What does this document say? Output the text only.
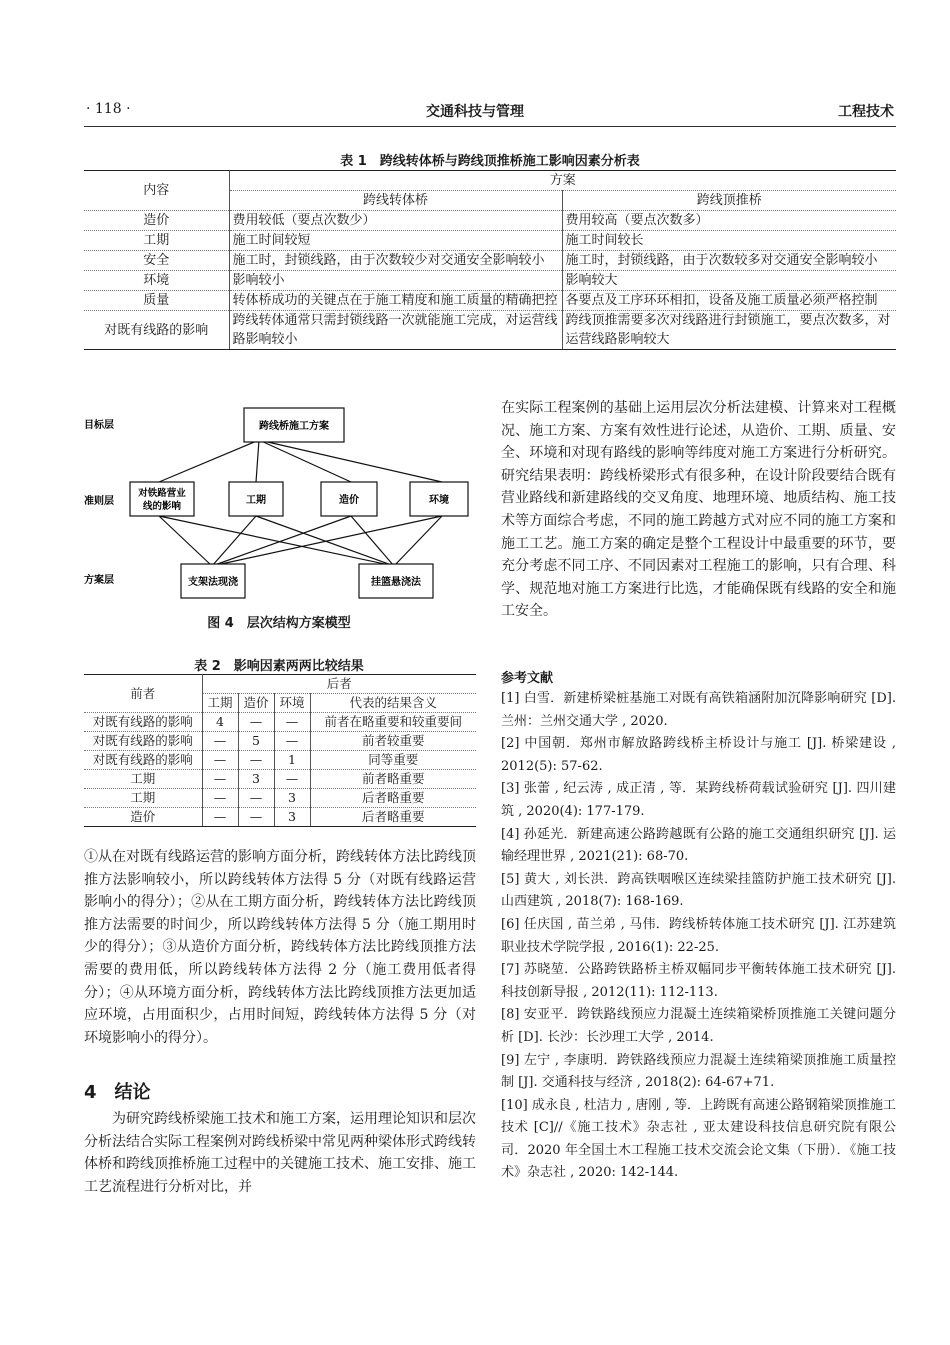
· 118 ·	交通科技与管理	工程技术
表 1　跨线转体桥与跨线顶推桥施工影响因素分析表
内容	方案	
	跨线转体桥	跨线顶推桥
造价	费用较低（要点次数少）	费用较高（要点次数多）
工期	施工时间较短	施工时间较长
安全	施工时，封锁线路，由于次数较少对交通安全影响较小	施工时，封锁线路，由于次数较多对交通安全影响较小
环境	影响较小	影响较大
质量	转体桥成功的关键点在于施工精度和施工质量的精确把控	各要点及工序环环相扣，设备及施工质量必须严格控制
对既有线路的影响	跨线转体通常只需封锁线路一次就能施工完成，对运营线路影响较小	跨线顶推需要多次对线路进行封锁施工，要点次数多，对运营线路影响较大
目标层
准则层
方案层
跨线桥施工方案
对铁路营业
线的影响
工期	造价	环境
支架法现浇	挂篮悬浇法
图 4　层次结构方案模型
表 2　影响因素两两比较结果
前者	后者			
	工期	造价	环境	代表的结果含义
对既有线路的影响	4	—	—	前者在略重要和较重要间
对既有线路的影响	—	5	—	前者较重要
对既有线路的影响	—	—	1	同等重要
工期	—	3	—	前者略重要
工期	—	—	3	后者略重要
造价	—	—	3	后者略重要
①从在对既有线路运营的影响方面分析，跨线转体方法比跨线顶推方法影响较小，所以跨线转体方法得 5 分（对既有线路运营影响小的得分）；②从在工期方面分析，跨线转体方法比跨线顶推方法需要的时间少，所以跨线转体方法得 5 分（施工期用时少的得分）；③从造价方面分析，跨线转体方法比跨线顶推方法需要的费用低，所以跨线转体方法得 2 分（施工费用低者得分）；④从环境方面分析，跨线转体方法比跨线顶推方法更加适应环境，占用面积少，占用时间短，跨线转体方法得 5 分（对环境影响小的得分）。
4　结论
为研究跨线桥梁施工技术和施工方案，运用理论知识和层次分析法结合实际工程案例对跨线桥梁中常见两种梁体形式跨线转体桥和跨线顶推桥施工过程中的关键施工技术、施工安排、施工工艺流程进行分析对比，并
在实际工程案例的基础上运用层次分析法建模、计算来对工程概况、施工方案、方案有效性进行论述，从造价、工期、质量、安全、环境和对现有路线的影响等纬度对施工方案进行分析研究。研究结果表明：跨线桥梁形式有很多种，在设计阶段要结合既有营业路线和新建路线的交叉角度、地理环境、地质结构、施工技术等方面综合考虑，不同的施工跨越方式对应不同的施工方案和施工工艺。施工方案的确定是整个工程设计中最重要的环节，要充分考虑不同工序、不同因素对工程施工的影响，只有合理、科学、规范地对施工方案进行比选，才能确保既有线路的安全和施工安全。
参考文献

[1] 白雪．新建桥梁桩基施工对既有高铁箱涵附加沉降影响研究 [D]. 兰州：兰州交通大学 , 2020.

[2] 中国朝．郑州市解放路跨线桥主桥设计与施工 [J]. 桥梁建设 , 2012(5): 57-62.

[3] 张蕾 , 纪云涛 , 成正清 , 等．某跨线桥荷载试验研究 [J]. 四川建筑 , 2020(4): 177-179.

[4] 孙延光．新建高速公路跨越既有公路的施工交通组织研究 [J]. 运输经理世界 , 2021(21): 68-70.

[5] 黄大 , 刘长洪．跨高铁咽喉区连续梁挂篮防护施工技术研究 [J]. 山西建筑 , 2018(7): 168-169.

[6] 任庆国 , 苗兰弟 , 马伟．跨线桥转体施工技术研究 [J]. 江苏建筑职业技术学院学报 , 2016(1): 22-25.

[7] 苏晓堃．公路跨铁路桥主桥双幅同步平衡转体施工技术研究 [J]. 科技创新导报 , 2012(11): 112-113.

[8] 安亚平．跨铁路线预应力混凝土连续箱梁桥顶推施工关键问题分析 [D]. 长沙：长沙理工大学 , 2014.

[9] 左宁 , 李康明．跨铁路线预应力混凝土连续箱梁顶推施工质量控制 [J]. 交通科技与经济 , 2018(2): 64-67+71.

[10] 成永良 , 杜洁力 , 唐刚 , 等．上跨既有高速公路钢箱梁顶推施工技术 [C]//《施工技术》杂志社 , 亚太建设科技信息研究院有限公司．2020 年全国土木工程施工技术交流会论文集（下册）．《施工技术》杂志社 , 2020: 142-144.
